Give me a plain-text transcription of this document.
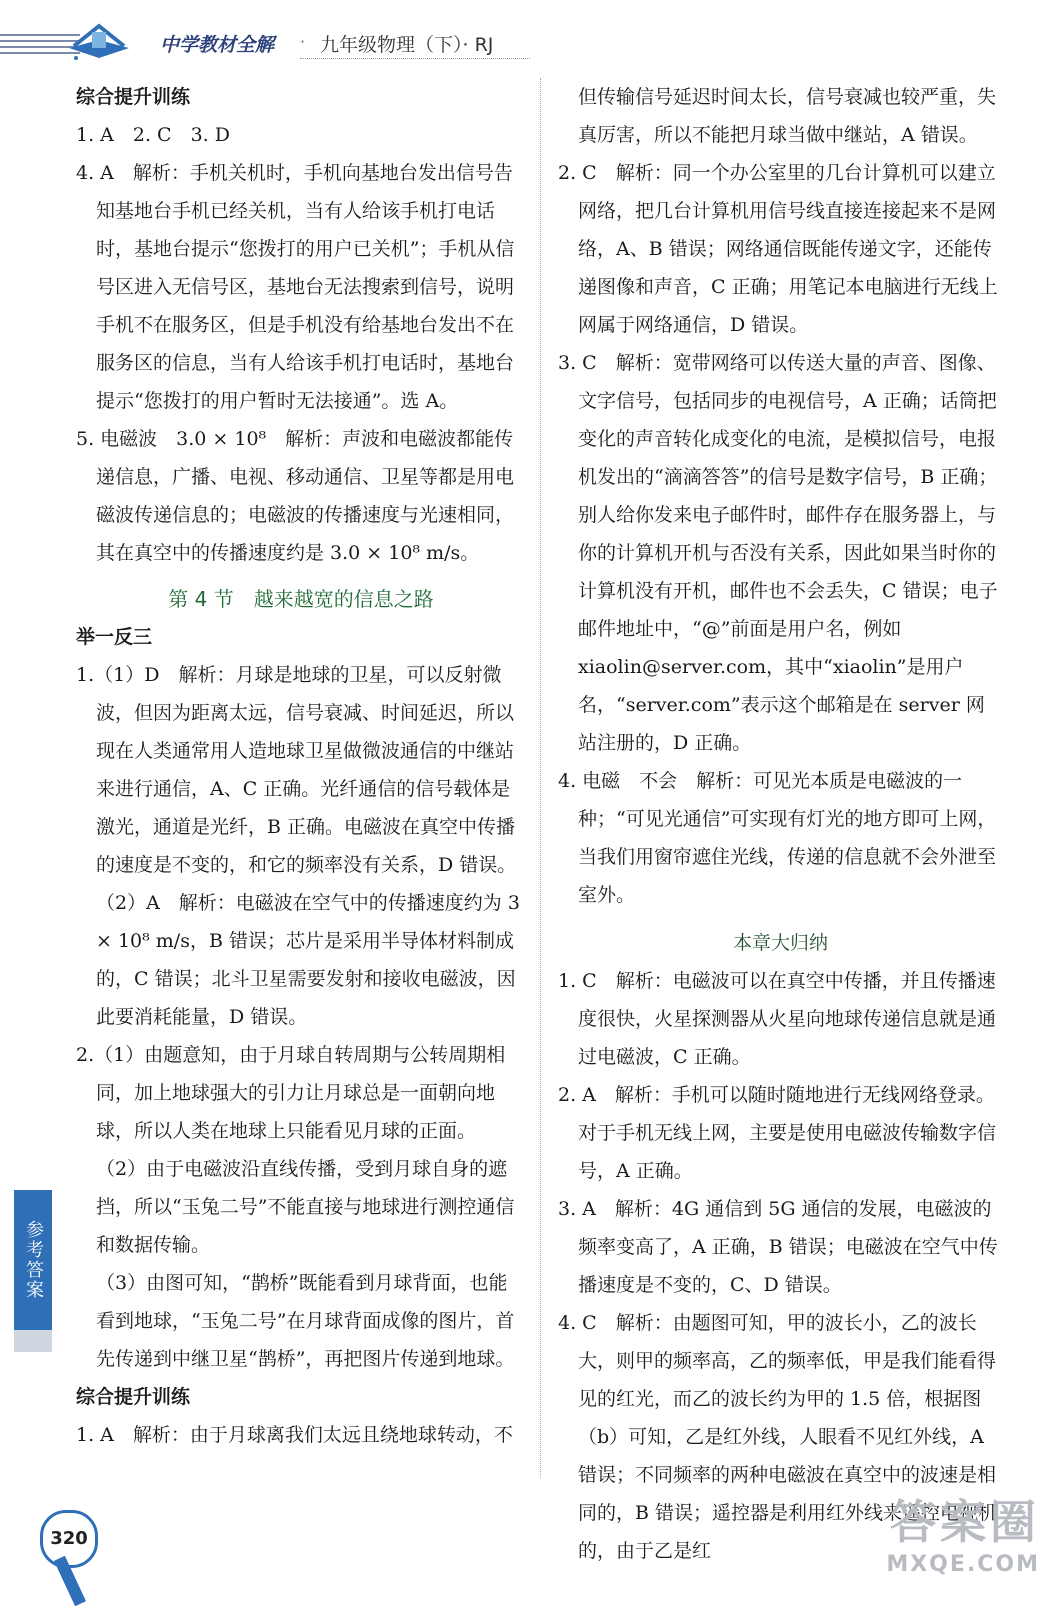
中学教材全解 · 九年级物理（下）· RJ

综合提升训练

1. A　2. C　3. D

4. A　解析：手机关机时，手机向基地台发出信号告知基地台手机已经关机，当有人给该手机打电话时，基地台提示“您拨打的用户已关机”；手机从信号区进入无信号区，基地台无法搜索到信号，说明手机不在服务区，但是手机没有给基地台发出不在服务区的信息，当有人给该手机打电话时，基地台提示“您拨打的用户暂时无法接通”。选 A。

5. 电磁波　3.0 × 10⁸　解析：声波和电磁波都能传递信息，广播、电视、移动通信、卫星等都是用电磁波传递信息的；电磁波的传播速度与光速相同，其在真空中的传播速度约是 3.0 × 10⁸ m/s。

第 4 节　越来越宽的信息之路

举一反三

1.（1）D　解析：月球是地球的卫星，可以反射微波，但因为距离太远，信号衰减、时间延迟，所以现在人类通常用人造地球卫星做微波通信的中继站来进行通信，A、C 正确。光纤通信的信号载体是激光，通道是光纤，B 正确。电磁波在真空中传播的速度是不变的，和它的频率没有关系，D 错误。

（2）A　解析：电磁波在空气中的传播速度约为 3 × 10⁸ m/s，B 错误；芯片是采用半导体材料制成的，C 错误；北斗卫星需要发射和接收电磁波，因此要消耗能量，D 错误。

2.（1）由题意知，由于月球自转周期与公转周期相同，加上地球强大的引力让月球总是一面朝向地球，所以人类在地球上只能看见月球的正面。

（2）由于电磁波沿直线传播，受到月球自身的遮挡，所以“玉兔二号”不能直接与地球进行测控通信和数据传输。

（3）由图可知，“鹊桥”既能看到月球背面，也能看到地球，“玉兔二号”在月球背面成像的图片，首先传递到中继卫星“鹊桥”，再把图片传递到地球。

综合提升训练

1. A　解析：由于月球离我们太远且绕地球转动，不

但传输信号延迟时间太长，信号衰减也较严重，失真厉害，所以不能把月球当做中继站，A 错误。

2. C　解析：同一个办公室里的几台计算机可以建立网络，把几台计算机用信号线直接连接起来不是网络，A、B 错误；网络通信既能传递文字，还能传递图像和声音，C 正确；用笔记本电脑进行无线上网属于网络通信，D 错误。

3. C　解析：宽带网络可以传送大量的声音、图像、文字信号，包括同步的电视信号，A 正确；话筒把变化的声音转化成变化的电流，是模拟信号，电报机发出的“滴滴答答”的信号是数字信号，B 正确；别人给你发来电子邮件时，邮件存在服务器上，与你的计算机开机与否没有关系，因此如果当时你的计算机没有开机，邮件也不会丢失，C 错误；电子邮件地址中，“@”前面是用户名，例如 xiaolin@server.com，其中“xiaolin”是用户名，“server.com”表示这个邮箱是在 server 网站注册的，D 正确。

4. 电磁　不会　解析：可见光本质是电磁波的一种；“可见光通信”可实现有灯光的地方即可上网，当我们用窗帘遮住光线，传递的信息就不会外泄至室外。

本章大归纳

1. C　解析：电磁波可以在真空中传播，并且传播速度很快，火星探测器从火星向地球传递信息就是通过电磁波，C 正确。

2. A　解析：手机可以随时随地进行无线网络登录。对于手机无线上网，主要是使用电磁波传输数字信号，A 正确。

3. A　解析：4G 通信到 5G 通信的发展，电磁波的频率变高了，A 正确，B 错误；电磁波在空气中传播速度是不变的，C、D 错误。

4. C　解析：由题图可知，甲的波长小，乙的波长大，则甲的频率高，乙的频率低，甲是我们能看得见的红光，而乙的波长约为甲的 1.5 倍，根据图（b）可知，乙是红外线，人眼看不见红外线，A 错误；不同频率的两种电磁波在真空中的波速是相同的，B 错误；遥控器是利用红外线来遥控电视机的，由于乙是红

参考答案
320	答案圈
MXQE.COM
